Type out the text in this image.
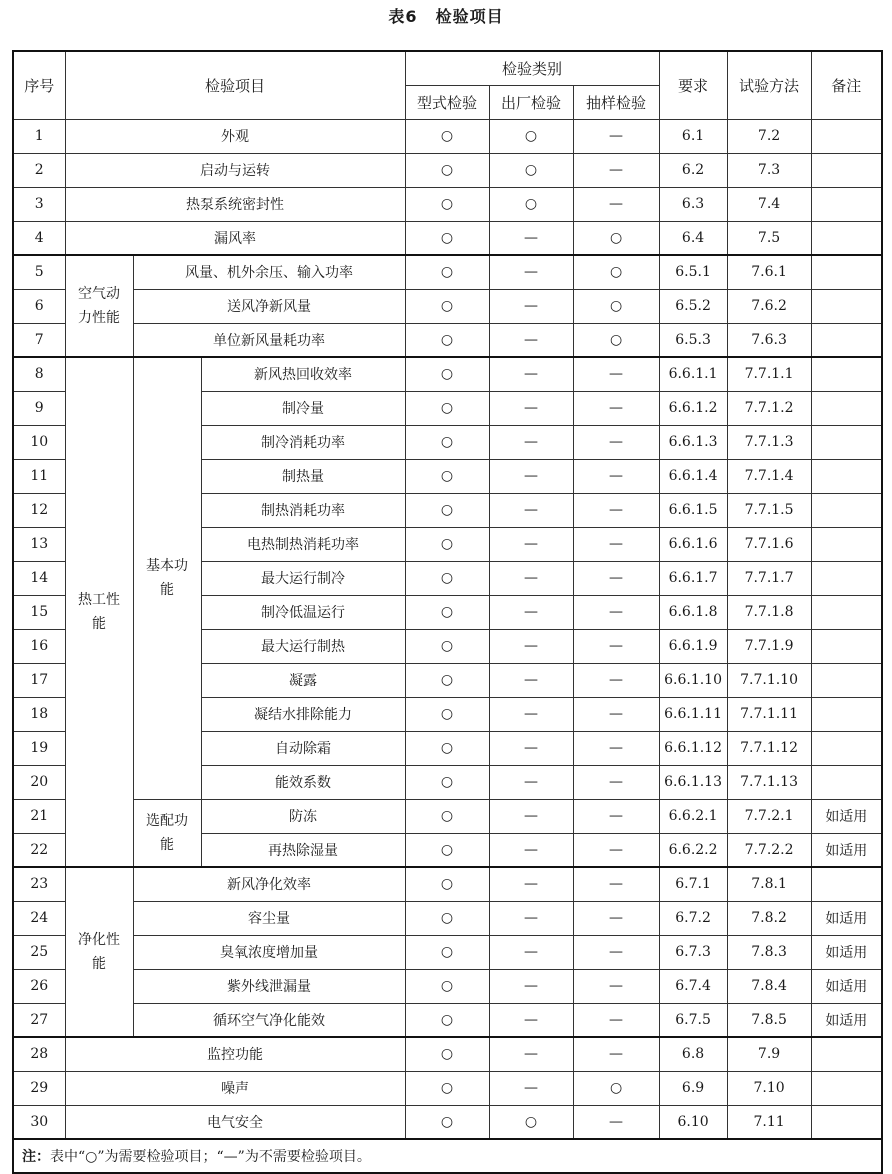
表6 检验项目
序号	检验项目			检验类别			要求	试验方法	备注
				型式检验	出厂检验	抽样检验			
1	外观			○	○	—	6.1	7.2	
2	启动与运转			○	○	—	6.2	7.3	
3	热泵系统密封性			○	○	—	6.3	7.4	
4	漏风率			○	—	○	6.4	7.5	
5	空气动力性能	风量、机外余压、输入功率		○	—	○	6.5.1	7.6.1	
6		送风净新风量		○	—	○	6.5.2	7.6.2	
7		单位新风量耗功率		○	—	○	6.5.3	7.6.3	
8	热工性能	基本功能	新风热回收效率	○	—	—	6.6.1.1	7.7.1.1	
9			制冷量	○	—	—	6.6.1.2	7.7.1.2	
10			制冷消耗功率	○	—	—	6.6.1.3	7.7.1.3	
11			制热量	○	—	—	6.6.1.4	7.7.1.4	
12			制热消耗功率	○	—	—	6.6.1.5	7.7.1.5	
13			电热制热消耗功率	○	—	—	6.6.1.6	7.7.1.6	
14			最大运行制冷	○	—	—	6.6.1.7	7.7.1.7	
15			制冷低温运行	○	—	—	6.6.1.8	7.7.1.8	
16			最大运行制热	○	—	—	6.6.1.9	7.7.1.9	
17			凝露	○	—	—	6.6.1.10	7.7.1.10	
18			凝结水排除能力	○	—	—	6.6.1.11	7.7.1.11	
19			自动除霜	○	—	—	6.6.1.12	7.7.1.12	
20			能效系数	○	—	—	6.6.1.13	7.7.1.13	
21		选配功能	防冻	○	—	—	6.6.2.1	7.7.2.1	如适用
22			再热除湿量	○	—	—	6.6.2.2	7.7.2.2	如适用
23	净化性能	新风净化效率		○	—	—	6.7.1	7.8.1	
24		容尘量		○	—	—	6.7.2	7.8.2	如适用
25		臭氧浓度增加量		○	—	—	6.7.3	7.8.3	如适用
26		紫外线泄漏量		○	—	—	6.7.4	7.8.4	如适用
27		循环空气净化能效		○	—	—	6.7.5	7.8.5	如适用
28	监控功能			○	—	—	6.8	7.9	
29	噪声			○	—	○	6.9	7.10	
30	电气安全			○	○	—	6.10	7.11	
注：表中“○”为需要检验项目；“—”为不需要检验项目。									
